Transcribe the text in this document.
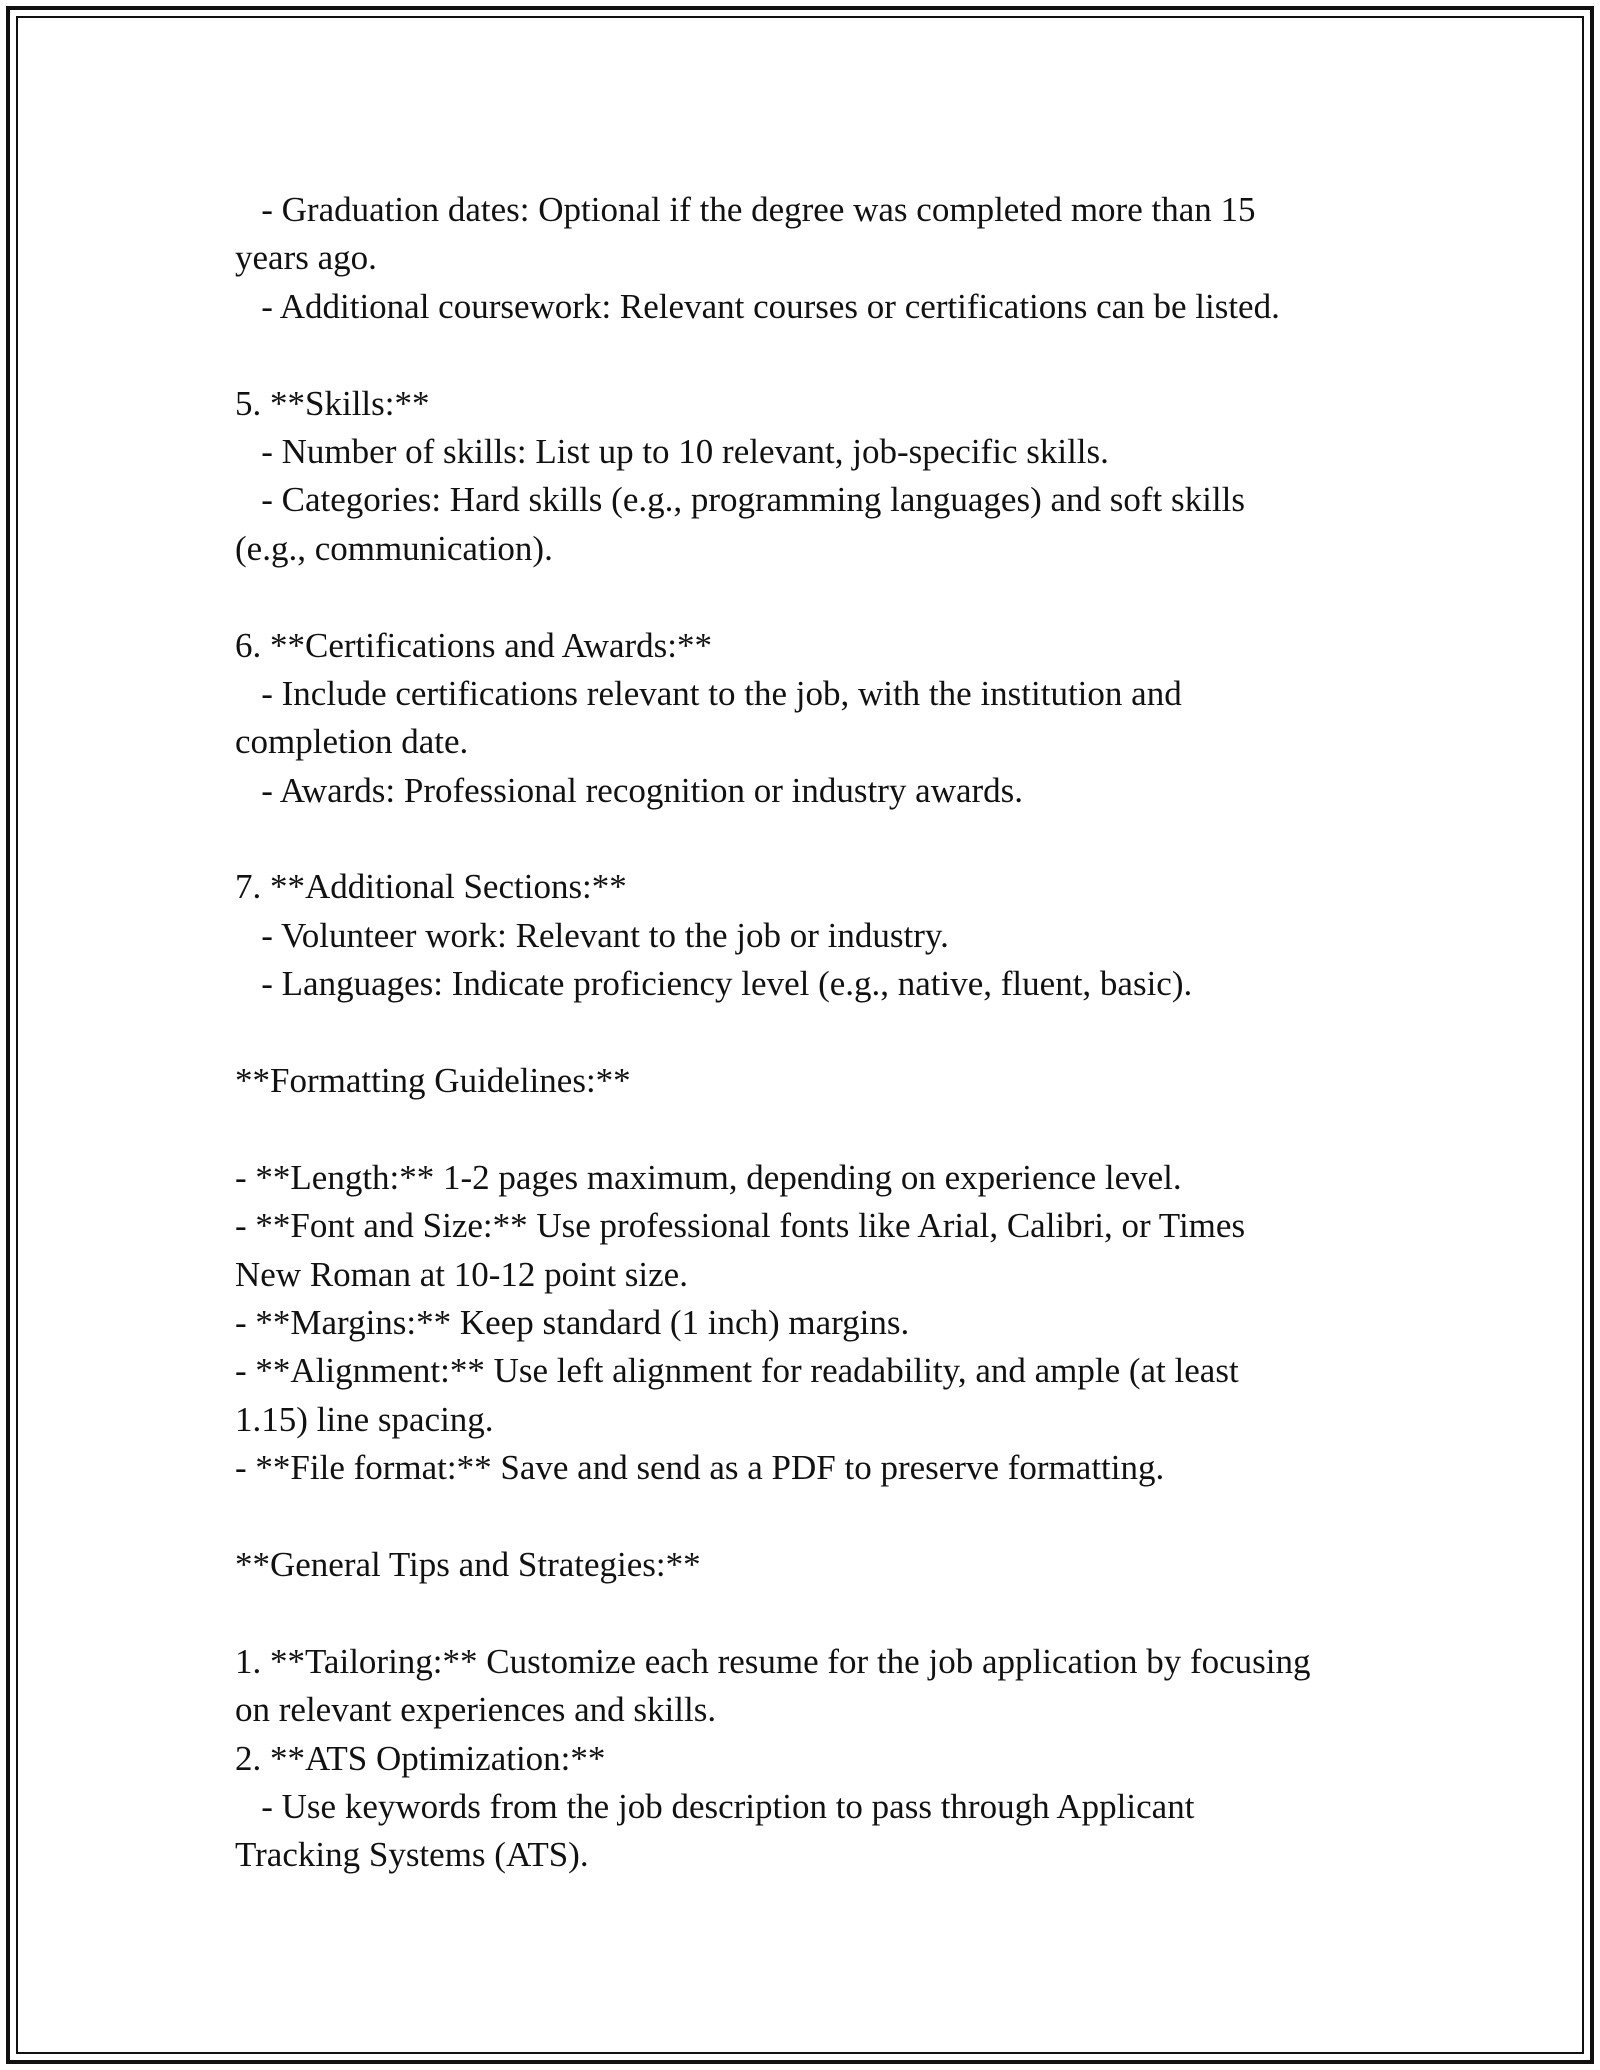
- Graduation dates: Optional if the degree was completed more than 15
years ago.
- Additional coursework: Relevant courses or certifications can be listed.
5. **Skills:**
- Number of skills: List up to 10 relevant, job-specific skills.
- Categories: Hard skills (e.g., programming languages) and soft skills
(e.g., communication).
6. **Certifications and Awards:**
- Include certifications relevant to the job, with the institution and
completion date.
- Awards: Professional recognition or industry awards.
7. **Additional Sections:**
- Volunteer work: Relevant to the job or industry.
- Languages: Indicate proficiency level (e.g., native, fluent, basic).
**Formatting Guidelines:**
- **Length:** 1-2 pages maximum, depending on experience level.
- **Font and Size:** Use professional fonts like Arial, Calibri, or Times
New Roman at 10-12 point size.
- **Margins:** Keep standard (1 inch) margins.
- **Alignment:** Use left alignment for readability, and ample (at least
1.15) line spacing.
- **File format:** Save and send as a PDF to preserve formatting.
**General Tips and Strategies:**
1. **Tailoring:** Customize each resume for the job application by focusing
on relevant experiences and skills.
2. **ATS Optimization:**
- Use keywords from the job description to pass through Applicant
Tracking Systems (ATS).
